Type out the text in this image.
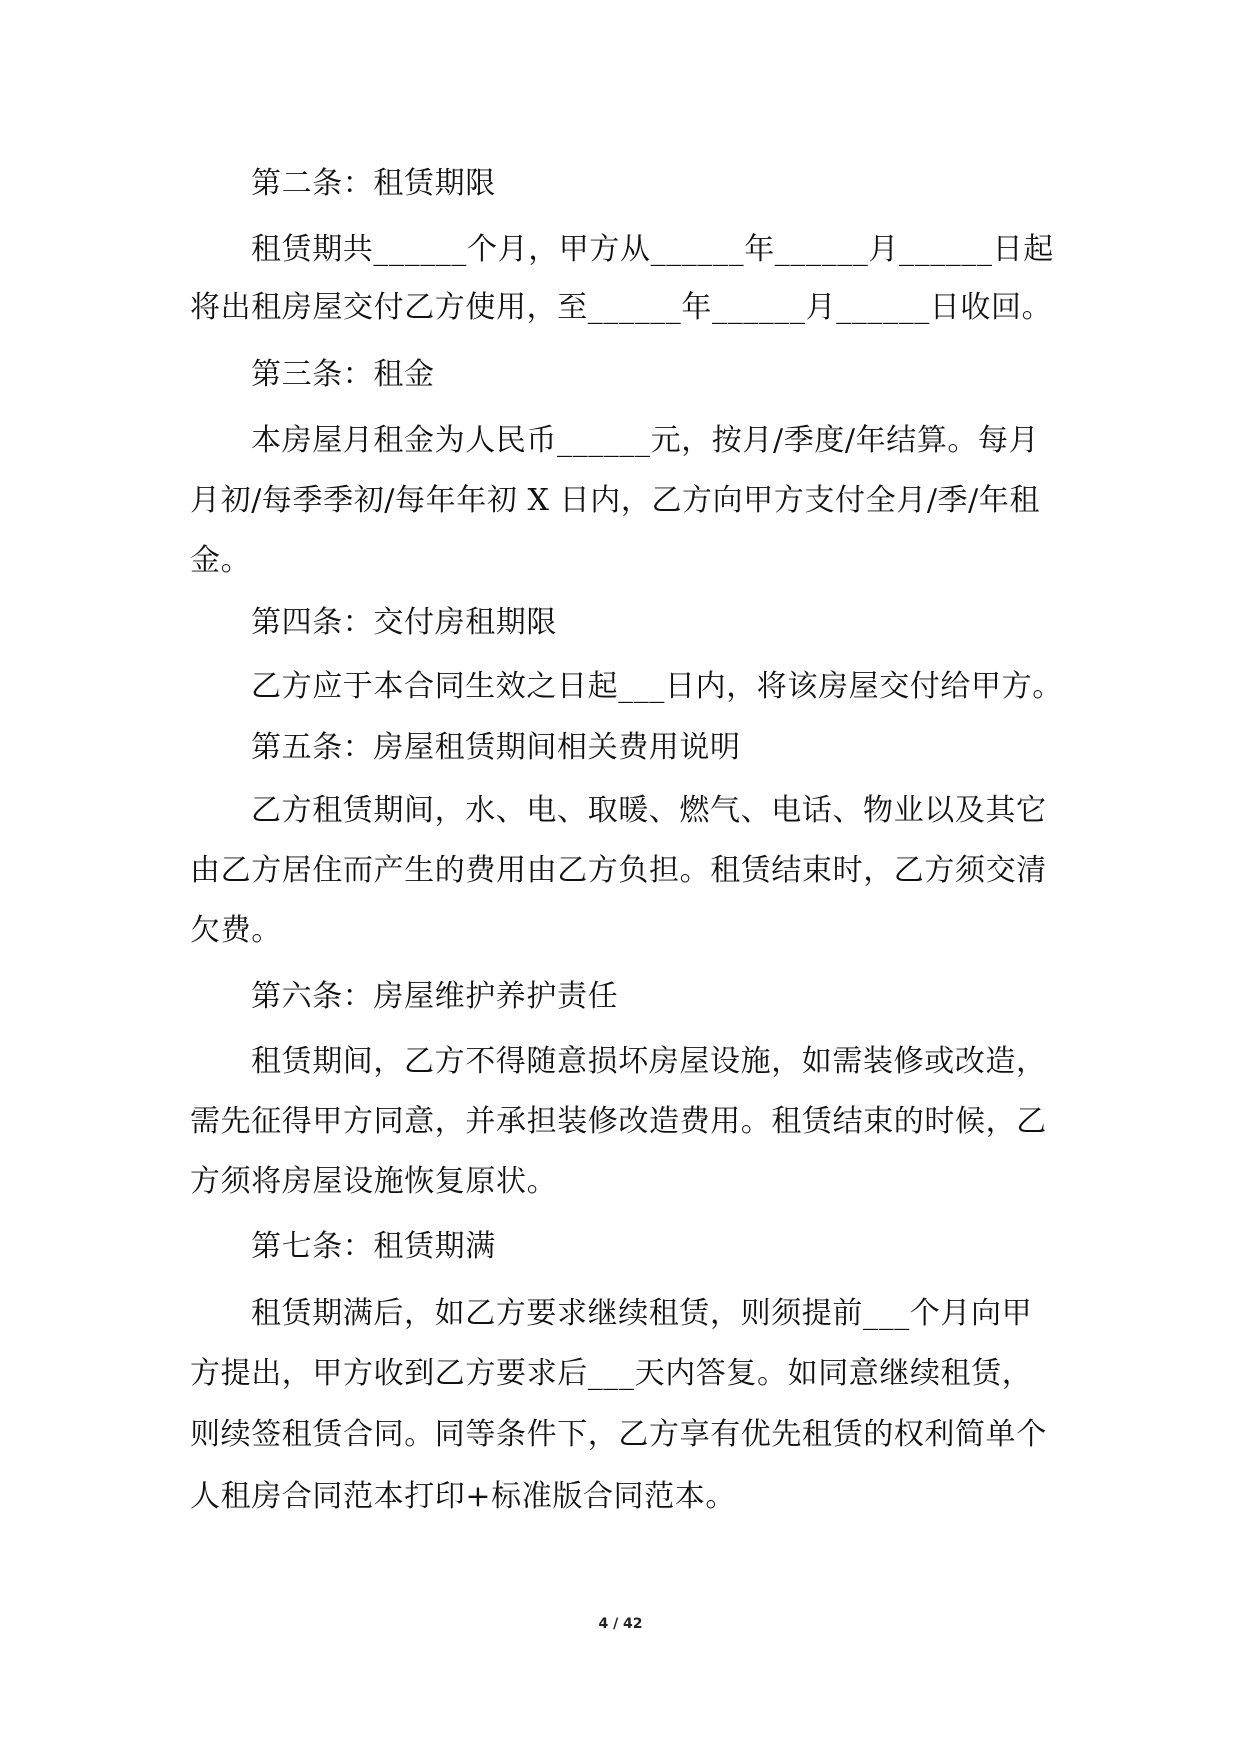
第二条：租赁期限
租赁期共______个月，甲方从______年______月______日起
将出租房屋交付乙方使用，至______年______月______日收回。
第三条：租金
本房屋月租金为人民币______元，按月/季度/年结算。每月
月初/每季季初/每年年初 X 日内，乙方向甲方支付全月/季/年租
金。
第四条：交付房租期限
乙方应于本合同生效之日起___日内，将该房屋交付给甲方。
第五条：房屋租赁期间相关费用说明
乙方租赁期间，水、电、取暖、燃气、电话、物业以及其它
由乙方居住而产生的费用由乙方负担。租赁结束时，乙方须交清
欠费。
第六条：房屋维护养护责任
租赁期间，乙方不得随意损坏房屋设施，如需装修或改造，
需先征得甲方同意，并承担装修改造费用。租赁结束的时候，乙
方须将房屋设施恢复原状。
第七条：租赁期满
租赁期满后，如乙方要求继续租赁，则须提前___个月向甲
方提出，甲方收到乙方要求后___天内答复。如同意继续租赁，
则续签租赁合同。同等条件下，乙方享有优先租赁的权利简单个
人租房合同范本打印+标准版合同范本。
4 / 42
